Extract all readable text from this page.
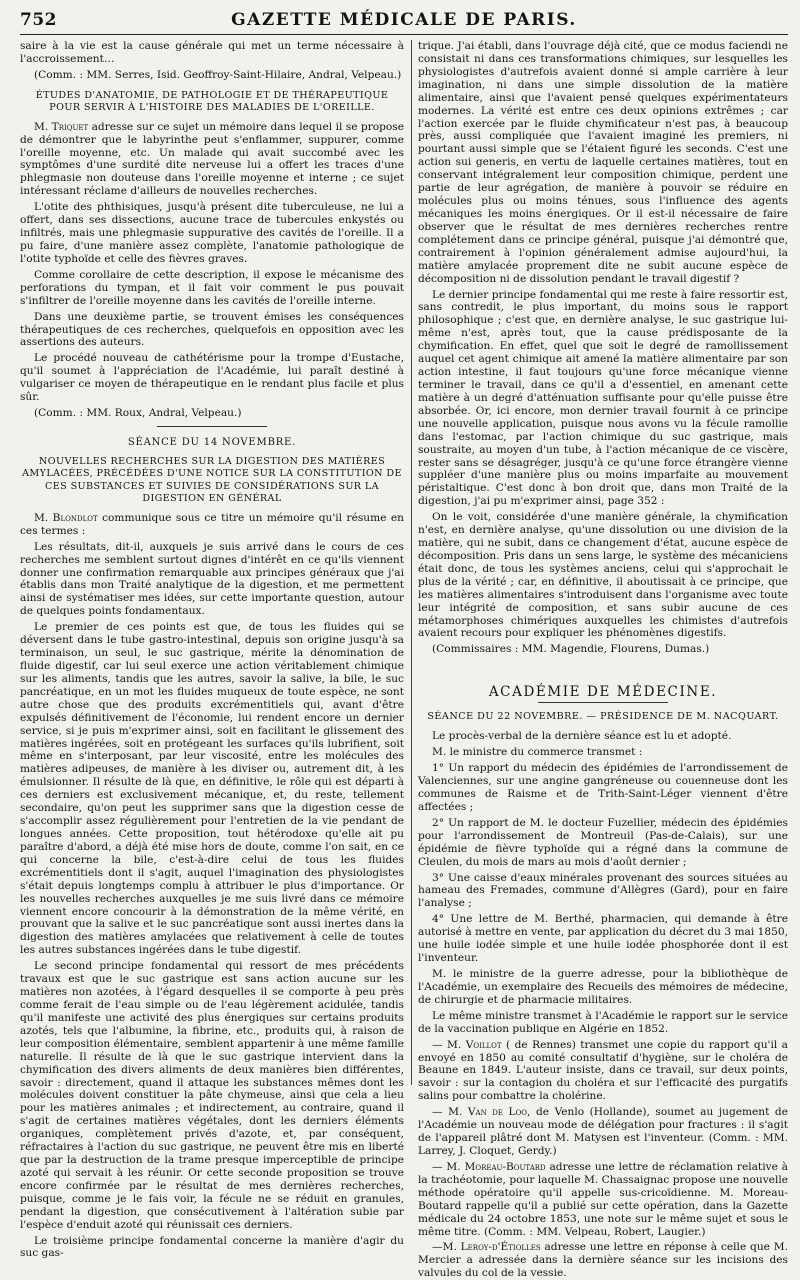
752	GAZETTE MÉDICALE DE PARIS.

saire à la vie est la cause générale qui met un terme nécessaire à l'accroissement…

(Comm. : MM. Serres, Isid. Geoffroy-Saint-Hilaire, Andral, Velpeau.)

ÉTUDES D'ANATOMIE, DE PATHOLOGIE ET DE THÉRAPEUTIQUE POUR SERVIR À L'HISTOIRE DES MALADIES DE L'OREILLE.

M. Triquet adresse sur ce sujet un mémoire dans lequel il se propose de démontrer que le labyrinthe peut s'enflammer, suppurer, comme l'oreille moyenne, etc. Un malade qui avait succombé avec les symptômes d'une surdité dite nerveuse lui a offert les traces d'une phlegmasie non douteuse dans l'oreille moyenne et interne ; ce sujet intéressant réclame d'ailleurs de nouvelles recherches.

L'otite des phthisiques, jusqu'à présent dite tuberculeuse, ne lui a offert, dans ses dissections, aucune trace de tubercules enkystés ou infiltrés, mais une phlegmasie suppurative des cavités de l'oreille. Il a pu faire, d'une manière assez complète, l'anatomie pathologique de l'otite typhoïde et celle des fièvres graves.

Comme corollaire de cette description, il expose le mécanisme des perforations du tympan, et il fait voir comment le pus pouvait s'infiltrer de l'oreille moyenne dans les cavités de l'oreille interne.

Dans une deuxième partie, se trouvent émises les conséquences thérapeutiques de ces recherches, quelquefois en opposition avec les assertions des auteurs.

Le procédé nouveau de cathétérisme pour la trompe d'Eustache, qu'il soumet à l'appréciation de l'Académie, lui paraît destiné à vulgariser ce moyen de thérapeutique en le rendant plus facile et plus sûr.

(Comm. : MM. Roux, Andral, Velpeau.)

SÉANCE DU 14 NOVEMBRE.
NOUVELLES RECHERCHES SUR LA DIGESTION DES MATIÈRES AMYLACÉES, PRÉCÉDÉES D'UNE NOTICE SUR LA CONSTITUTION DE CES SUBSTANCES ET SUIVIES DE CONSIDÉRATIONS SUR LA DIGESTION EN GÉNÉRAL

M. Blondlot communique sous ce titre un mémoire qu'il résume en ces termes :

Les résultats, dit-il, auxquels je suis arrivé dans le cours de ces recherches me semblent surtout dignes d'intérêt en ce qu'ils viennent donner une confirmation remarquable aux principes généraux que j'ai établis dans mon Traité analytique de la digestion, et me permettent ainsi de systématiser mes idées, sur cette importante question, autour de quelques points fondamentaux.

Le premier de ces points est que, de tous les fluides qui se déversent dans le tube gastro-intestinal, depuis son origine jusqu'à sa terminaison, un seul, le suc gastrique, mérite la dénomination de fluide digestif, car lui seul exerce une action véritablement chimique sur les aliments, tandis que les autres, savoir la salive, la bile, le suc pancréatique, en un mot les fluides muqueux de toute espèce, ne sont autre chose que des produits excrémentitiels qui, avant d'être expulsés définitivement de l'économie, lui rendent encore un dernier service, si je puis m'exprimer ainsi, soit en facilitant le glissement des matières ingérées, soit en protégeant les surfaces qu'ils lubrifient, soit même en s'interposant, par leur viscosité, entre les molécules des matières adipeuses, de manière à les diviser ou, autrement dit, à les émulsionner. Il résulte de là que, en définitive, le rôle qui est départi à ces derniers est exclusivement mécanique, et, du reste, tellement secondaire, qu'on peut les supprimer sans que la digestion cesse de s'accomplir assez régulièrement pour l'entretien de la vie pendant de longues années. Cette proposition, tout hétérodoxe qu'elle ait pu paraître d'abord, a déjà été mise hors de doute, comme l'on sait, en ce qui concerne la bile, c'est-à-dire celui de tous les fluides excrémentitiels dont il s'agit, auquel l'imagination des physiologistes s'était depuis longtemps complu à attribuer le plus d'importance. Or les nouvelles recherches auxquelles je me suis livré dans ce mémoire viennent encore concourir à la démonstration de la même vérité, en prouvant que la salive et le suc pancréatique sont aussi inertes dans la digestion des matières amylacées que relativement à celle de toutes les autres substances ingérées dans le tube digestif.

Le second principe fondamental qui ressort de mes précédents travaux est que le suc gastrique est sans action aucune sur les matières non azotées, à l'égard desquelles il se comporte à peu près comme ferait de l'eau simple ou de l'eau légèrement acidulée, tandis qu'il manifeste une activité des plus énergiques sur certains produits azotés, tels que l'albumine, la fibrine, etc., produits qui, à raison de leur composition élémentaire, semblent appartenir à une même famille naturelle. Il résulte de là que le suc gastrique intervient dans la chymification des divers aliments de deux manières bien différentes, savoir : directement, quand il attaque les substances mêmes dont les molécules doivent constituer la pâte chymeuse, ainsi que cela a lieu pour les matières animales ; et indirectement, au contraire, quand il s'agit de certaines matières végétales, dont les derniers éléments organiques, complètement privés d'azote, et, par conséquent, réfractaires à l'action du suc gastrique, ne peuvent être mis en liberté que par la destruction de la trame presque imperceptible de principe azoté qui servait à les réunir. Or cette seconde proposition se trouve encore confirmée par le résultat de mes dernières recherches, puisque, comme je le fais voir, la fécule ne se réduit en granules, pendant la digestion, que consécutivement à l'altération subie par l'espèce d'enduit azoté qui réunissait ces derniers.

Le troisième principe fondamental concerne la manière d'agir du suc gas-

trique. J'ai établi, dans l'ouvrage déjà cité, que ce modus faciendi ne consistait ni dans ces transformations chimiques, sur lesquelles les physiologistes d'autrefois avaient donné si ample carrière à leur imagination, ni dans une simple dissolution de la matière alimentaire, ainsi que l'avaient pensé quelques expérimentateurs modernes. La vérité est entre ces deux opinions extrêmes ; car l'action exercée par le fluide chymificateur n'est pas, à beaucoup près, aussi compliquée que l'avaient imaginé les premiers, ni pourtant aussi simple que se l'étaient figuré les seconds. C'est une action sui generis, en vertu de laquelle certaines matières, tout en conservant intégralement leur composition chimique, perdent une partie de leur agrégation, de manière à pouvoir se réduire en molécules plus ou moins ténues, sous l'influence des agents mécaniques les moins énergiques. Or il est-il nécessaire de faire observer que le résultat de mes dernières recherches rentre complétement dans ce principe général, puisque j'ai démontré que, contrairement à l'opinion généralement admise aujourd'hui, la matière amylacée proprement dite ne subit aucune espèce de décomposition ni de dissolution pendant le travail digestif ?

Le dernier principe fondamental qui me reste à faire ressortir est, sans contredit, le plus important, du moins sous le rapport philosophique ; c'est que, en dernière analyse, le suc gastrique lui-même n'est, après tout, que la cause prédisposante de la chymification. En effet, quel que soit le degré de ramollissement auquel cet agent chimique ait amené la matière alimentaire par son action intestine, il faut toujours qu'une force mécanique vienne terminer le travail, dans ce qu'il a d'essentiel, en amenant cette matière à un degré d'atténuation suffisante pour qu'elle puisse être absorbée. Or, ici encore, mon dernier travail fournit à ce principe une nouvelle application, puisque nous avons vu la fécule ramollie dans l'estomac, par l'action chimique du suc gastrique, mais soustraite, au moyen d'un tube, à l'action mécanique de ce viscère, rester sans se désagréger, jusqu'à ce qu'une force étrangère vienne suppléer d'une manière plus ou moins imparfaite au mouvement péristaltique. C'est donc à bon droit que, dans mon Traité de la digestion, j'ai pu m'exprimer ainsi, page 352 :

On le voit, considérée d'une manière générale, la chymification n'est, en dernière analyse, qu'une dissolution ou une division de la matière, qui ne subit, dans ce changement d'état, aucune espèce de décomposition. Pris dans un sens large, le système des mécaniciens était donc, de tous les systèmes anciens, celui qui s'approchait le plus de la vérité ; car, en définitive, il aboutissait à ce principe, que les matières alimentaires s'introduisent dans l'organisme avec toute leur intégrité de composition, et sans subir aucune de ces métamorphoses chimériques auxquelles les chimistes d'autrefois avaient recours pour expliquer les phénomènes digestifs.

(Commissaires : MM. Magendie, Flourens, Dumas.)

ACADÉMIE DE MÉDECINE.
SÉANCE DU 22 NOVEMBRE. — PRÉSIDENCE DE M. NACQUART.

Le procès-verbal de la dernière séance est lu et adopté.

M. le ministre du commerce transmet :

1° Un rapport du médecin des épidémies de l'arrondissement de Valenciennes, sur une angine gangréneuse ou couenneuse dont les communes de Raisme et de Trith-Saint-Léger viennent d'être affectées ;

2° Un rapport de M. le docteur Fuzellier, médecin des épidémies pour l'arrondissement de Montreuil (Pas-de-Calais), sur une épidémie de fièvre typhoïde qui a régné dans la commune de Cleulen, du mois de mars au mois d'août dernier ;

3° Une caisse d'eaux minérales provenant des sources situées au hameau des Fremades, commune d'Allègres (Gard), pour en faire l'analyse ;

4° Une lettre de M. Berthé, pharmacien, qui demande à être autorisé à mettre en vente, par application du décret du 3 mai 1850, une huile iodée simple et une huile iodée phosphorée dont il est l'inventeur.

M. le ministre de la guerre adresse, pour la bibliothèque de l'Académie, un exemplaire des Recueils des mémoires de médecine, de chirurgie et de pharmacie militaires.

Le même ministre transmet à l'Académie le rapport sur le service de la vaccination publique en Algérie en 1852.

— M. Voillot ( de Rennes) transmet une copie du rapport qu'il a envoyé en 1850 au comité consultatif d'hygiène, sur le choléra de Beaune en 1849. L'auteur insiste, dans ce travail, sur deux points, savoir : sur la contagion du choléra et sur l'efficacité des purgatifs salins pour combattre la cholérine.

— M. Van de Loo, de Venlo (Hollande), soumet au jugement de l'Académie un nouveau mode de délégation pour fractures : il s'agit de l'appareil plâtré dont M. Matysen est l'inventeur. (Comm. : MM. Larrey, J. Cloquet, Gerdy.)

— M. Moreau-Boutard adresse une lettre de réclamation relative à la trachéotomie, pour laquelle M. Chassaignac propose une nouvelle méthode opératoire qu'il appelle sus-cricoïdienne. M. Moreau-Boutard rappelle qu'il a publié sur cette opération, dans la Gazette médicale du 24 octobre 1853, une note sur le même sujet et sous le même titre. (Comm. : MM. Velpeau, Robert, Laugier.)

—M. Leroy-d'Étiolles adresse une lettre en réponse à celle que M. Mercier a adressée dans la dernière séance sur les incisions des valvules du col de la vessie.
